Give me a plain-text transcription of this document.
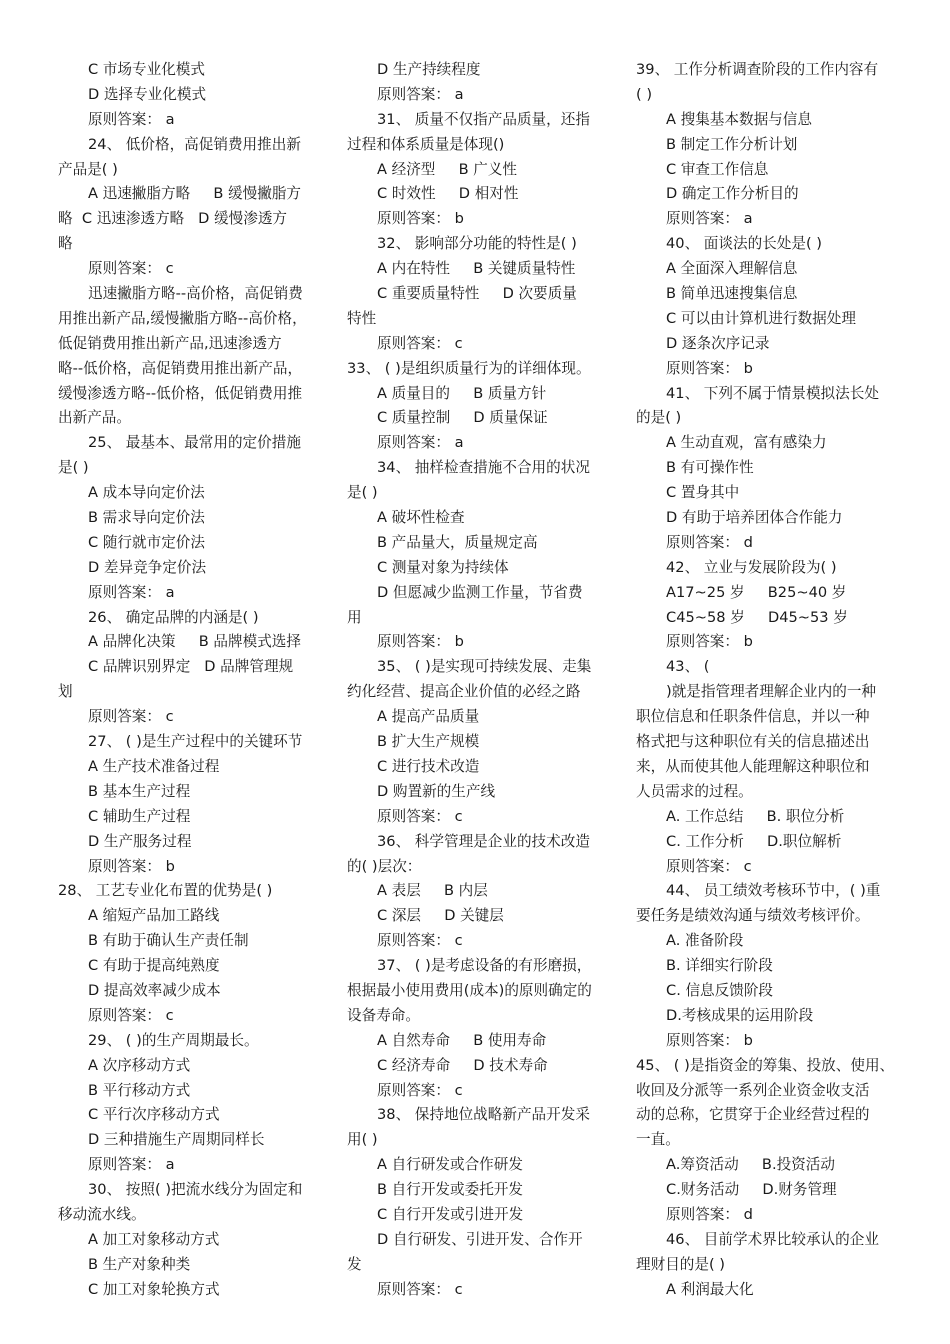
C 市场专业化模式
D 选择专业化模式
原则答案： a
24、 低价格，高促销费用推出新
产品是( )
A 迅速撇脂方略     B 缓慢撇脂方
略  C 迅速渗透方略   D 缓慢渗透方
略
原则答案： c
迅速撇脂方略--高价格，高促销费
用推出新产品,缓慢撇脂方略--高价格，
低促销费用推出新产品,迅速渗透方
略--低价格，高促销费用推出新产品，
缓慢渗透方略--低价格，低促销费用推
出新产品。
25、 最基本、最常用的定价措施
是( )
A 成本导向定价法
B 需求导向定价法
C 随行就市定价法
D 差异竞争定价法
原则答案： a
26、 确定品牌的内涵是( )
A 品牌化决策     B 品牌模式选择
C 品牌识别界定   D 品牌管理规
划
原则答案： c
27、 ( )是生产过程中的关键环节
A 生产技术准备过程
B 基本生产过程
C 辅助生产过程
D 生产服务过程
原则答案： b
28、 工艺专业化布置的优势是( )
A 缩短产品加工路线
B 有助于确认生产责任制
C 有助于提高纯熟度
D 提高效率减少成本
原则答案： c
29、 ( )的生产周期最长。
A 次序移动方式
B 平行移动方式
C 平行次序移动方式
D 三种措施生产周期同样长
原则答案： a
30、 按照( )把流水线分为固定和
移动流水线。
A 加工对象移动方式
B 生产对象种类
C 加工对象轮换方式
D 生产持续程度
原则答案： a
31、 质量不仅指产品质量，还指
过程和体系质量是体现()
A 经济型     B 广义性
C 时效性     D 相对性
原则答案： b
32、 影响部分功能的特性是( )
A 内在特性     B 关键质量特性
C 重要质量特性     D 次要质量
特性
原则答案： c
33、 ( )是组织质量行为的详细体现。
A 质量目的     B 质量方针
C 质量控制     D 质量保证
原则答案： a
34、 抽样检查措施不合用的状况
是( )
A 破坏性检查
B 产品量大，质量规定高
C 测量对象为持续体
D 但愿减少监测工作量，节省费
用
原则答案： b
35、 ( )是实现可持续发展、走集
约化经营、提高企业价值的必经之路
A 提高产品质量
B 扩大生产规模
C 进行技术改造
D 购置新的生产线
原则答案： c
36、 科学管理是企业的技术改造
的( )层次：
A 表层     B 内层
C 深层     D 关键层
原则答案： c
37、 ( )是考虑设备的有形磨损，
根据最小使用费用(成本)的原则确定的
设备寿命。
A 自然寿命     B 使用寿命
C 经济寿命     D 技术寿命
原则答案： c
38、 保持地位战略新产品开发采
用( )
A 自行研发或合作研发
B 自行开发或委托开发
C 自行开发或引进开发
D 自行研发、引进开发、合作开
发
原则答案： c
39、 工作分析调查阶段的工作内容有
( )
A 搜集基本数据与信息
B 制定工作分析计划
C 审查工作信息
D 确定工作分析目的
原则答案： a
40、 面谈法的长处是( )
A 全面深入理解信息
B 简单迅速搜集信息
C 可以由计算机进行数据处理
D 逐条次序记录
原则答案： b
41、 下列不属于情景模拟法长处
的是( )
A 生动直观，富有感染力
B 有可操作性
C 置身其中
D 有助于培养团体合作能力
原则答案： d
42、 立业与发展阶段为( )
A17~25 岁     B25~40 岁
C45~58 岁     D45~53 岁
原则答案： b
43、 (
)就是指管理者理解企业内的一种
职位信息和任职条件信息，并以一种
格式把与这种职位有关的信息描述出
来，从而使其他人能理解这种职位和
人员需求的过程。
A. 工作总结     B. 职位分析
C. 工作分析     D.职位解析
原则答案： c
44、 员工绩效考核环节中，( )重
要任务是绩效沟通与绩效考核评价。
A. 准备阶段
B. 详细实行阶段
C. 信息反馈阶段
D.考核成果的运用阶段
原则答案： b
45、 ( )是指资金的筹集、投放、使用、
收回及分派等一系列企业资金收支活
动的总称，它贯穿于企业经营过程的
一直。
A.筹资活动     B.投资活动
C.财务活动     D.财务管理
原则答案： d
46、 目前学术界比较承认的企业
理财目的是( )
A 利润最大化
